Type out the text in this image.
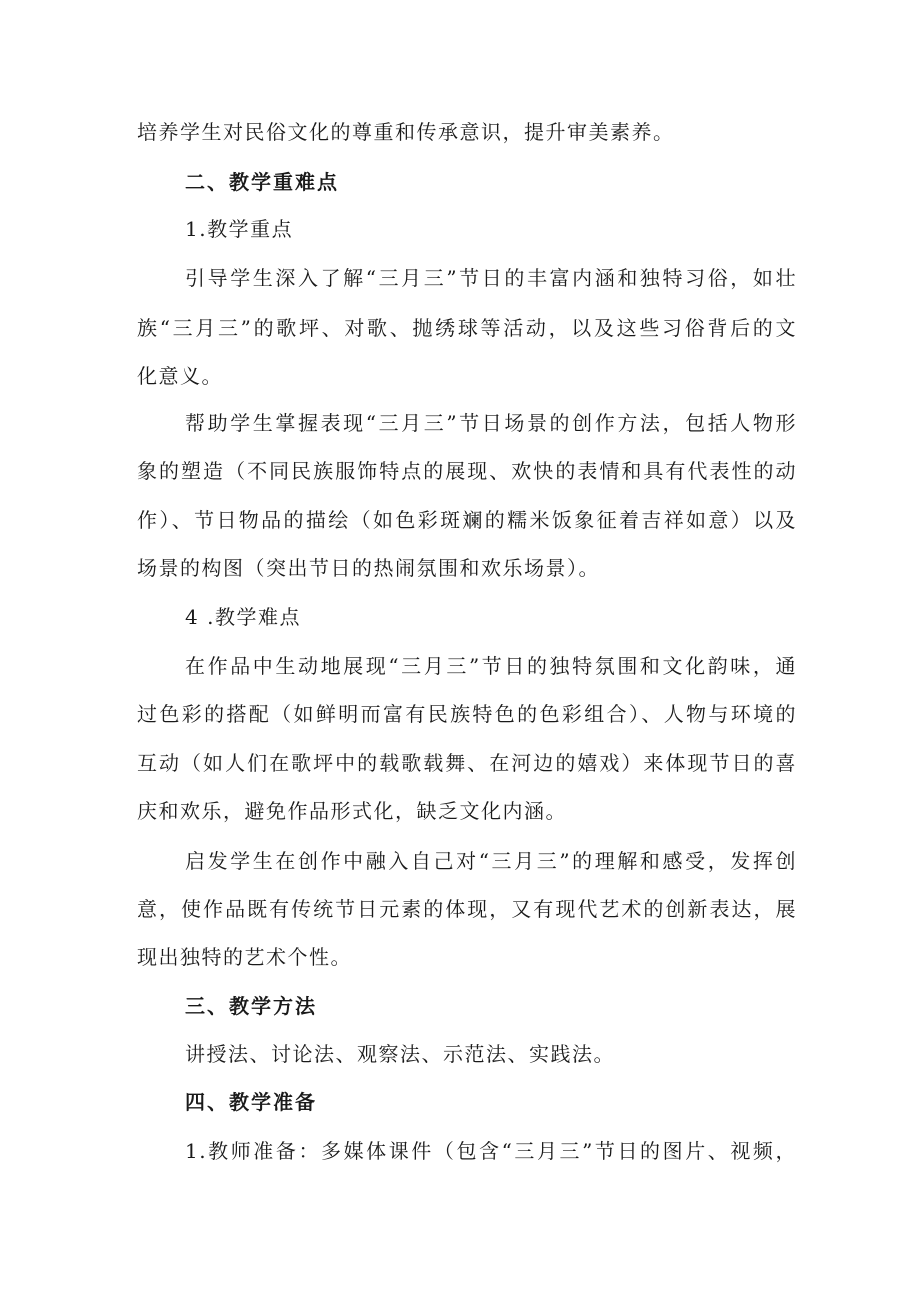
培养学生对民俗文化的尊重和传承意识，提升审美素养。
二、教学重难点
1.教学重点
引导学生深入了解“三月三”节日的丰富内涵和独特习俗，如壮
族“三月三”的歌坪、对歌、抛绣球等活动，以及这些习俗背后的文
化意义。
帮助学生掌握表现“三月三”节日场景的创作方法，包括人物形
象的塑造（不同民族服饰特点的展现、欢快的表情和具有代表性的动
作）、节日物品的描绘（如色彩斑斓的糯米饭象征着吉祥如意）以及
场景的构图（突出节日的热闹氛围和欢乐场景）。
4 .教学难点
在作品中生动地展现“三月三”节日的独特氛围和文化韵味，通
过色彩的搭配（如鲜明而富有民族特色的色彩组合）、人物与环境的
互动（如人们在歌坪中的载歌载舞、在河边的嬉戏）来体现节日的喜
庆和欢乐，避免作品形式化，缺乏文化内涵。
启发学生在创作中融入自己对“三月三”的理解和感受，发挥创
意，使作品既有传统节日元素的体现，又有现代艺术的创新表达，展
现出独特的艺术个性。
三、教学方法
讲授法、讨论法、观察法、示范法、实践法。
四、教学准备
1.教师准备：多媒体课件（包含“三月三”节日的图片、视频，
